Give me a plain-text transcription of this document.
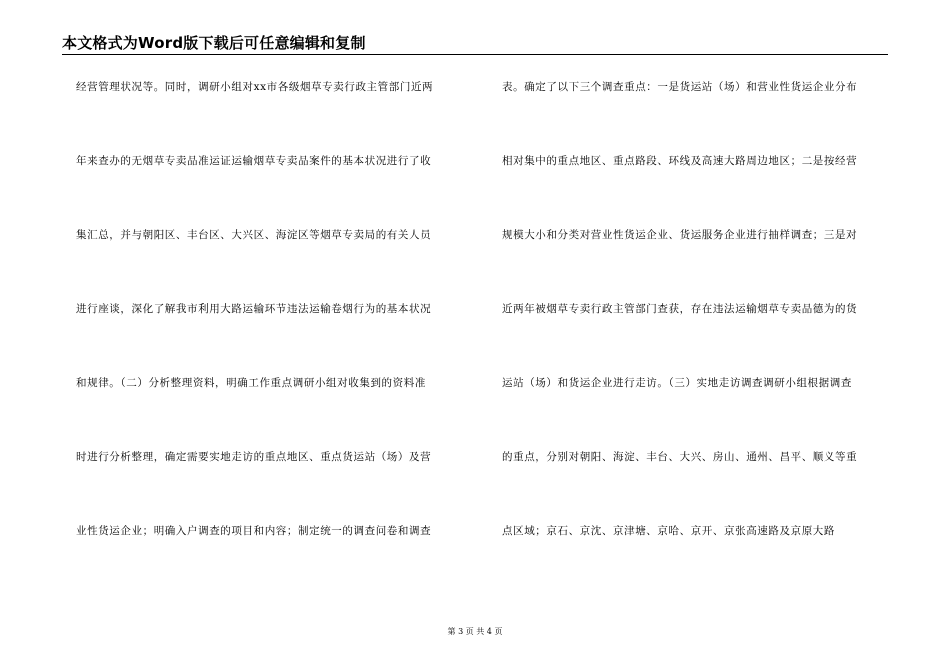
本文格式为Word版下载后可任意编辑和复制
经营管理状况等。同时，调研小组对xx市各级烟草专卖行政主管部门近两
年来查办的无烟草专卖品准运证运输烟草专卖品案件的基本状况进行了收
集汇总，并与朝阳区、丰台区、大兴区、海淀区等烟草专卖局的有关人员
进行座谈，深化了解我市利用大路运输环节违法运输卷烟行为的基本状况
和规律。（二）分析整理资料，明确工作重点调研小组对收集到的资料准
时进行分析整理，确定需要实地走访的重点地区、重点货运站（场）及营
业性货运企业；明确入户调查的项目和内容；制定统一的调查问卷和调查
表。确定了以下三个调查重点：一是货运站（场）和营业性货运企业分布
相对集中的重点地区、重点路段、环线及高速大路周边地区；二是按经营
规模大小和分类对营业性货运企业、货运服务企业进行抽样调查；三是对
近两年被烟草专卖行政主管部门查获，存在违法运输烟草专卖品德为的货
运站（场）和货运企业进行走访。（三）实地走访调查调研小组根据调查
的重点，分别对朝阳、海淀、丰台、大兴、房山、通州、昌平、顺义等重
点区域；京石、京沈、京津塘、京哈、京开、京张高速路及京原大路
第 3 页 共 4 页
